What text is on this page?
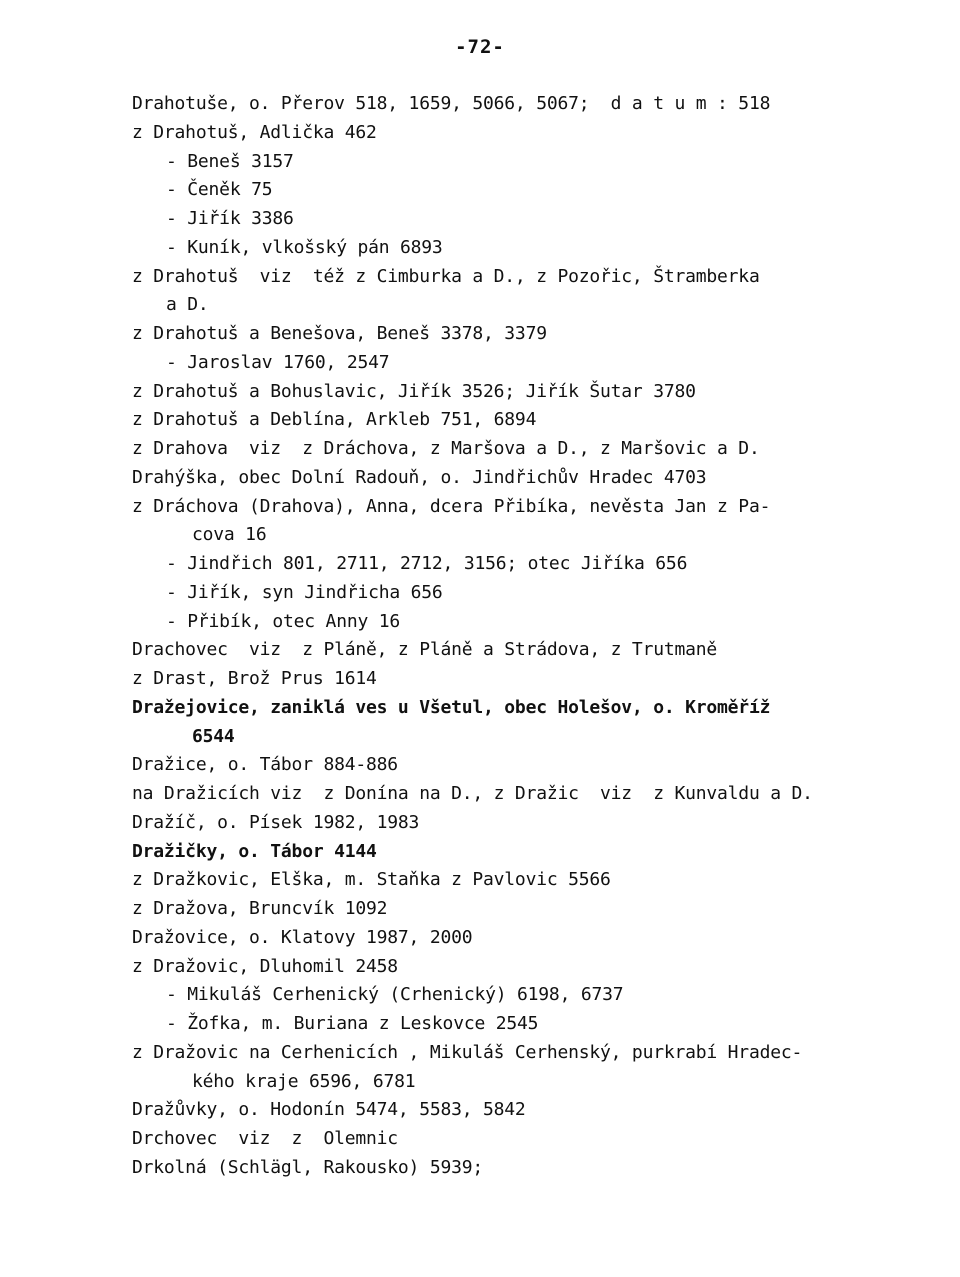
-72-
Drahotuše, o. Přerov 518, 1659, 5066, 5067;  d a t u m : 518
z Drahotuš, Adlička 462
- Beneš 3157
- Čeněk 75
- Jiřík 3386
- Kuník, vlkošský pán 6893
z Drahotuš  viz  též z Cimburka a D., z Pozořic, Štramberka
a D.
z Drahotuš a Benešova, Beneš 3378, 3379
- Jaroslav 1760, 2547
z Drahotuš a Bohuslavic, Jiřík 3526; Jiřík Šutar 3780
z Drahotuš a Deblína, Arkleb 751, 6894
z Drahova  viz  z Dráchova, z Maršova a D., z Maršovic a D.
Drahýška, obec Dolní Radouň, o. Jindřichův Hradec 4703
z Dráchova (Drahova), Anna, dcera Přibíka, nevěsta Jan z Pa-
cova 16
- Jindřich 801, 2711, 2712, 3156; otec Jiříka 656
- Jiřík, syn Jindřicha 656
- Přibík, otec Anny 16
Drachovec  viz  z Pláně, z Pláně a Strádova, z Trutmaně
z Drast, Brož Prus 1614
Dražejovice, zaniklá ves u Všetul, obec Holešov, o. Kroměříž
6544
Dražice, o. Tábor 884-886
na Dražicích viz  z Donína na D., z Dražic  viz  z Kunvaldu a D.
Dražíč, o. Písek 1982, 1983
Dražičky, o. Tábor 4144
z Dražkovic, Elška, m. Staňka z Pavlovic 5566
z Dražova, Bruncvík 1092
Dražovice, o. Klatovy 1987, 2000
z Dražovic, Dluhomil 2458
- Mikuláš Cerhenický (Crhenický) 6198, 6737
- Žofka, m. Buriana z Leskovce 2545
z Dražovic na Cerhenicích , Mikuláš Cerhenský, purkrabí Hradec-
kého kraje 6596, 6781
Dražůvky, o. Hodonín 5474, 5583, 5842
Drchovec  viz  z  Olemnic
Drkolná (Schlägl, Rakousko) 5939;
